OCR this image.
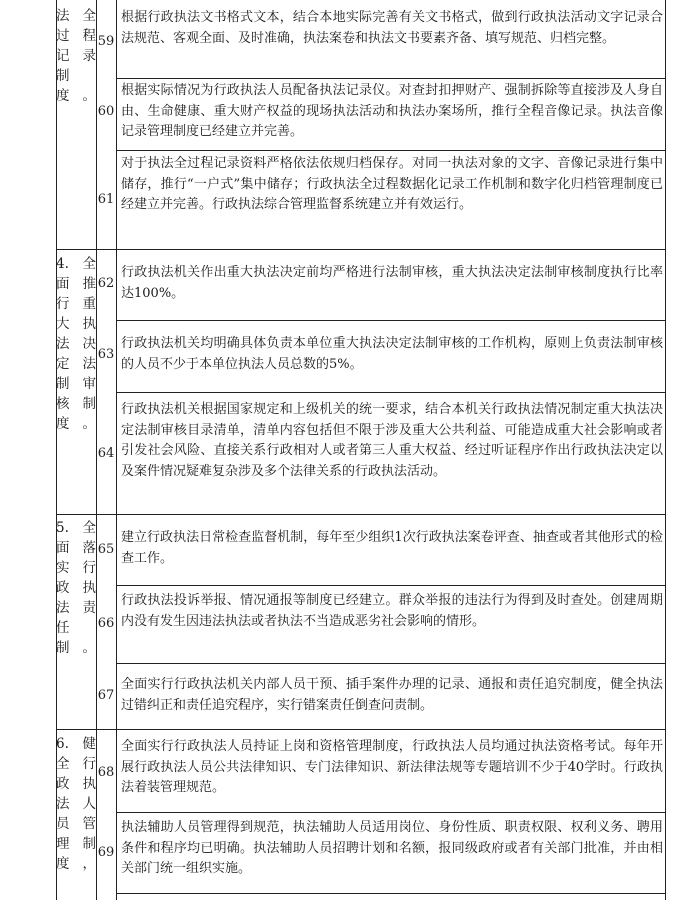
法全过程记录制度。
4. 全面推行重大执法决定法制审核制度。
5. 全面落实行政执法责任制。
6. 健全行政执法人员管理制度，
59
60
61
62
63
64
65
66
67
68
69
根据行政执法文书格式文本，结合本地实际完善有关文书格式，做到行政执法活动文字记录合法规范、客观全面、及时准确，执法案卷和执法文书要素齐备、填写规范、归档完整。
根据实际情况为行政执法人员配备执法记录仪。对查封扣押财产、强制拆除等直接涉及人身自由、生命健康、重大财产权益的现场执法活动和执法办案场所，推行全程音像记录。执法音像记录管理制度已经建立并完善。
对于执法全过程记录资料严格依法依规归档保存。对同一执法对象的文字、音像记录进行集中储存，推行“一户式”集中储存；行政执法全过程数据化记录工作机制和数字化归档管理制度已经建立并完善。行政执法综合管理监督系统建立并有效运行。
行政执法机关作出重大执法决定前均严格进行法制审核，重大执法决定法制审核制度执行比率达100%。
行政执法机关均明确具体负责本单位重大执法决定法制审核的工作机构，原则上负责法制审核的人员不少于本单位执法人员总数的5%。
行政执法机关根据国家规定和上级机关的统一要求，结合本机关行政执法情况制定重大执法决定法制审核目录清单，清单内容包括但不限于涉及重大公共利益、可能造成重大社会影响或者引发社会风险、直接关系行政相对人或者第三人重大权益、经过听证程序作出行政执法决定以及案件情况疑难复杂涉及多个法律关系的行政执法活动。
建立行政执法日常检查监督机制，每年至少组织1次行政执法案卷评查、抽查或者其他形式的检查工作。
行政执法投诉举报、情况通报等制度已经建立。群众举报的违法行为得到及时查处。创建周期内没有发生因违法执法或者执法不当造成恶劣社会影响的情形。
全面实行行政执法机关内部人员干预、插手案件办理的记录、通报和责任追究制度，健全执法过错纠正和责任追究程序，实行错案责任倒查问责制。
全面实行行政执法人员持证上岗和资格管理制度，行政执法人员均通过执法资格考试。每年开展行政执法人员公共法律知识、专门法律知识、新法律法规等专题培训不少于40学时。行政执法着装管理规范。
执法辅助人员管理得到规范，执法辅助人员适用岗位、身份性质、职责权限、权利义务、聘用条件和程序均已明确。执法辅助人员招聘计划和名额，报同级政府或者有关部门批准，并由相关部门统一组织实施。
